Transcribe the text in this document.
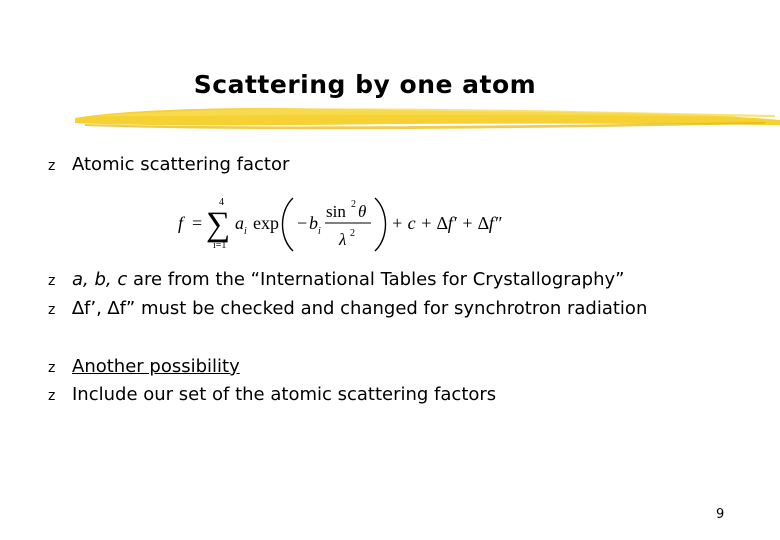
Scattering by one atom
z Atomic scattering factor
f =
4
∑
i=1
a i exp − b i
sin 2 θ
λ 2
+ c + ∆f′ + ∆f″
z a, b, c are from the “International Tables for Crystallography”
z ∆f’, ∆f” must be checked and changed for synchrotron radiation
z Another possibility
z Include our set of the atomic scattering factors
9
